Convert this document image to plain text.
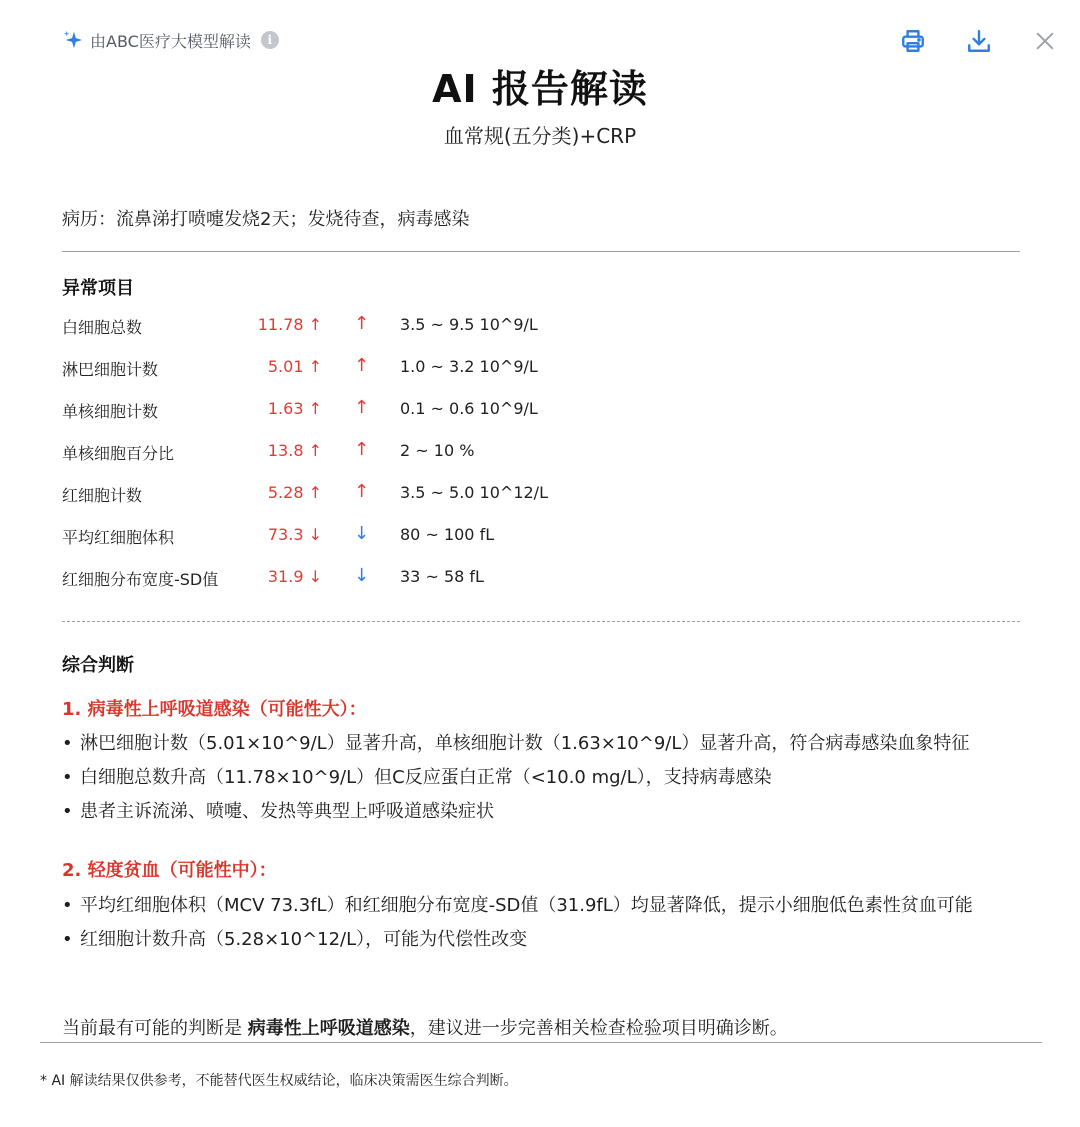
由ABC医疗大模型解读	i
AI 报告解读
血常规(五分类)+CRP
病历：流鼻涕打喷嚏发烧2天；发烧待查，病毒感染
异常项目
白细胞总数	11.78 ↑ ↑ 3.5 ~ 9.5 10^9/L
淋巴细胞计数	5.01 ↑ ↑ 1.0 ~ 3.2 10^9/L
单核细胞计数	1.63 ↑ ↑ 0.1 ~ 0.6 10^9/L
单核细胞百分比	13.8 ↑ ↑ 2 ~ 10 %
红细胞计数	5.28 ↑ ↑ 3.5 ~ 5.0 10^12/L
平均红细胞体积	73.3 ↓ ↓ 80 ~ 100 fL
红细胞分布宽度-SD值	31.9 ↓ ↓ 33 ~ 58 fL
综合判断
1. 病毒性上呼吸道感染（可能性大）：
• 淋巴细胞计数（5.01×10^9/L）显著升高，单核细胞计数（1.63×10^9/L）显著升高，符合病毒感染血象特征
• 白细胞总数升高（11.78×10^9/L）但C反应蛋白正常（<10.0 mg/L），支持病毒感染
• 患者主诉流涕、喷嚏、发热等典型上呼吸道感染症状
2. 轻度贫血（可能性中）：
• 平均红细胞体积（MCV 73.3fL）和红细胞分布宽度-SD值（31.9fL）均显著降低，提示小细胞低色素性贫血可能
• 红细胞计数升高（5.28×10^12/L），可能为代偿性改变
当前最有可能的判断是 病毒性上呼吸道感染，建议进一步完善相关检查检验项目明确诊断。
* AI 解读结果仅供参考，不能替代医生权威结论，临床决策需医生综合判断。
